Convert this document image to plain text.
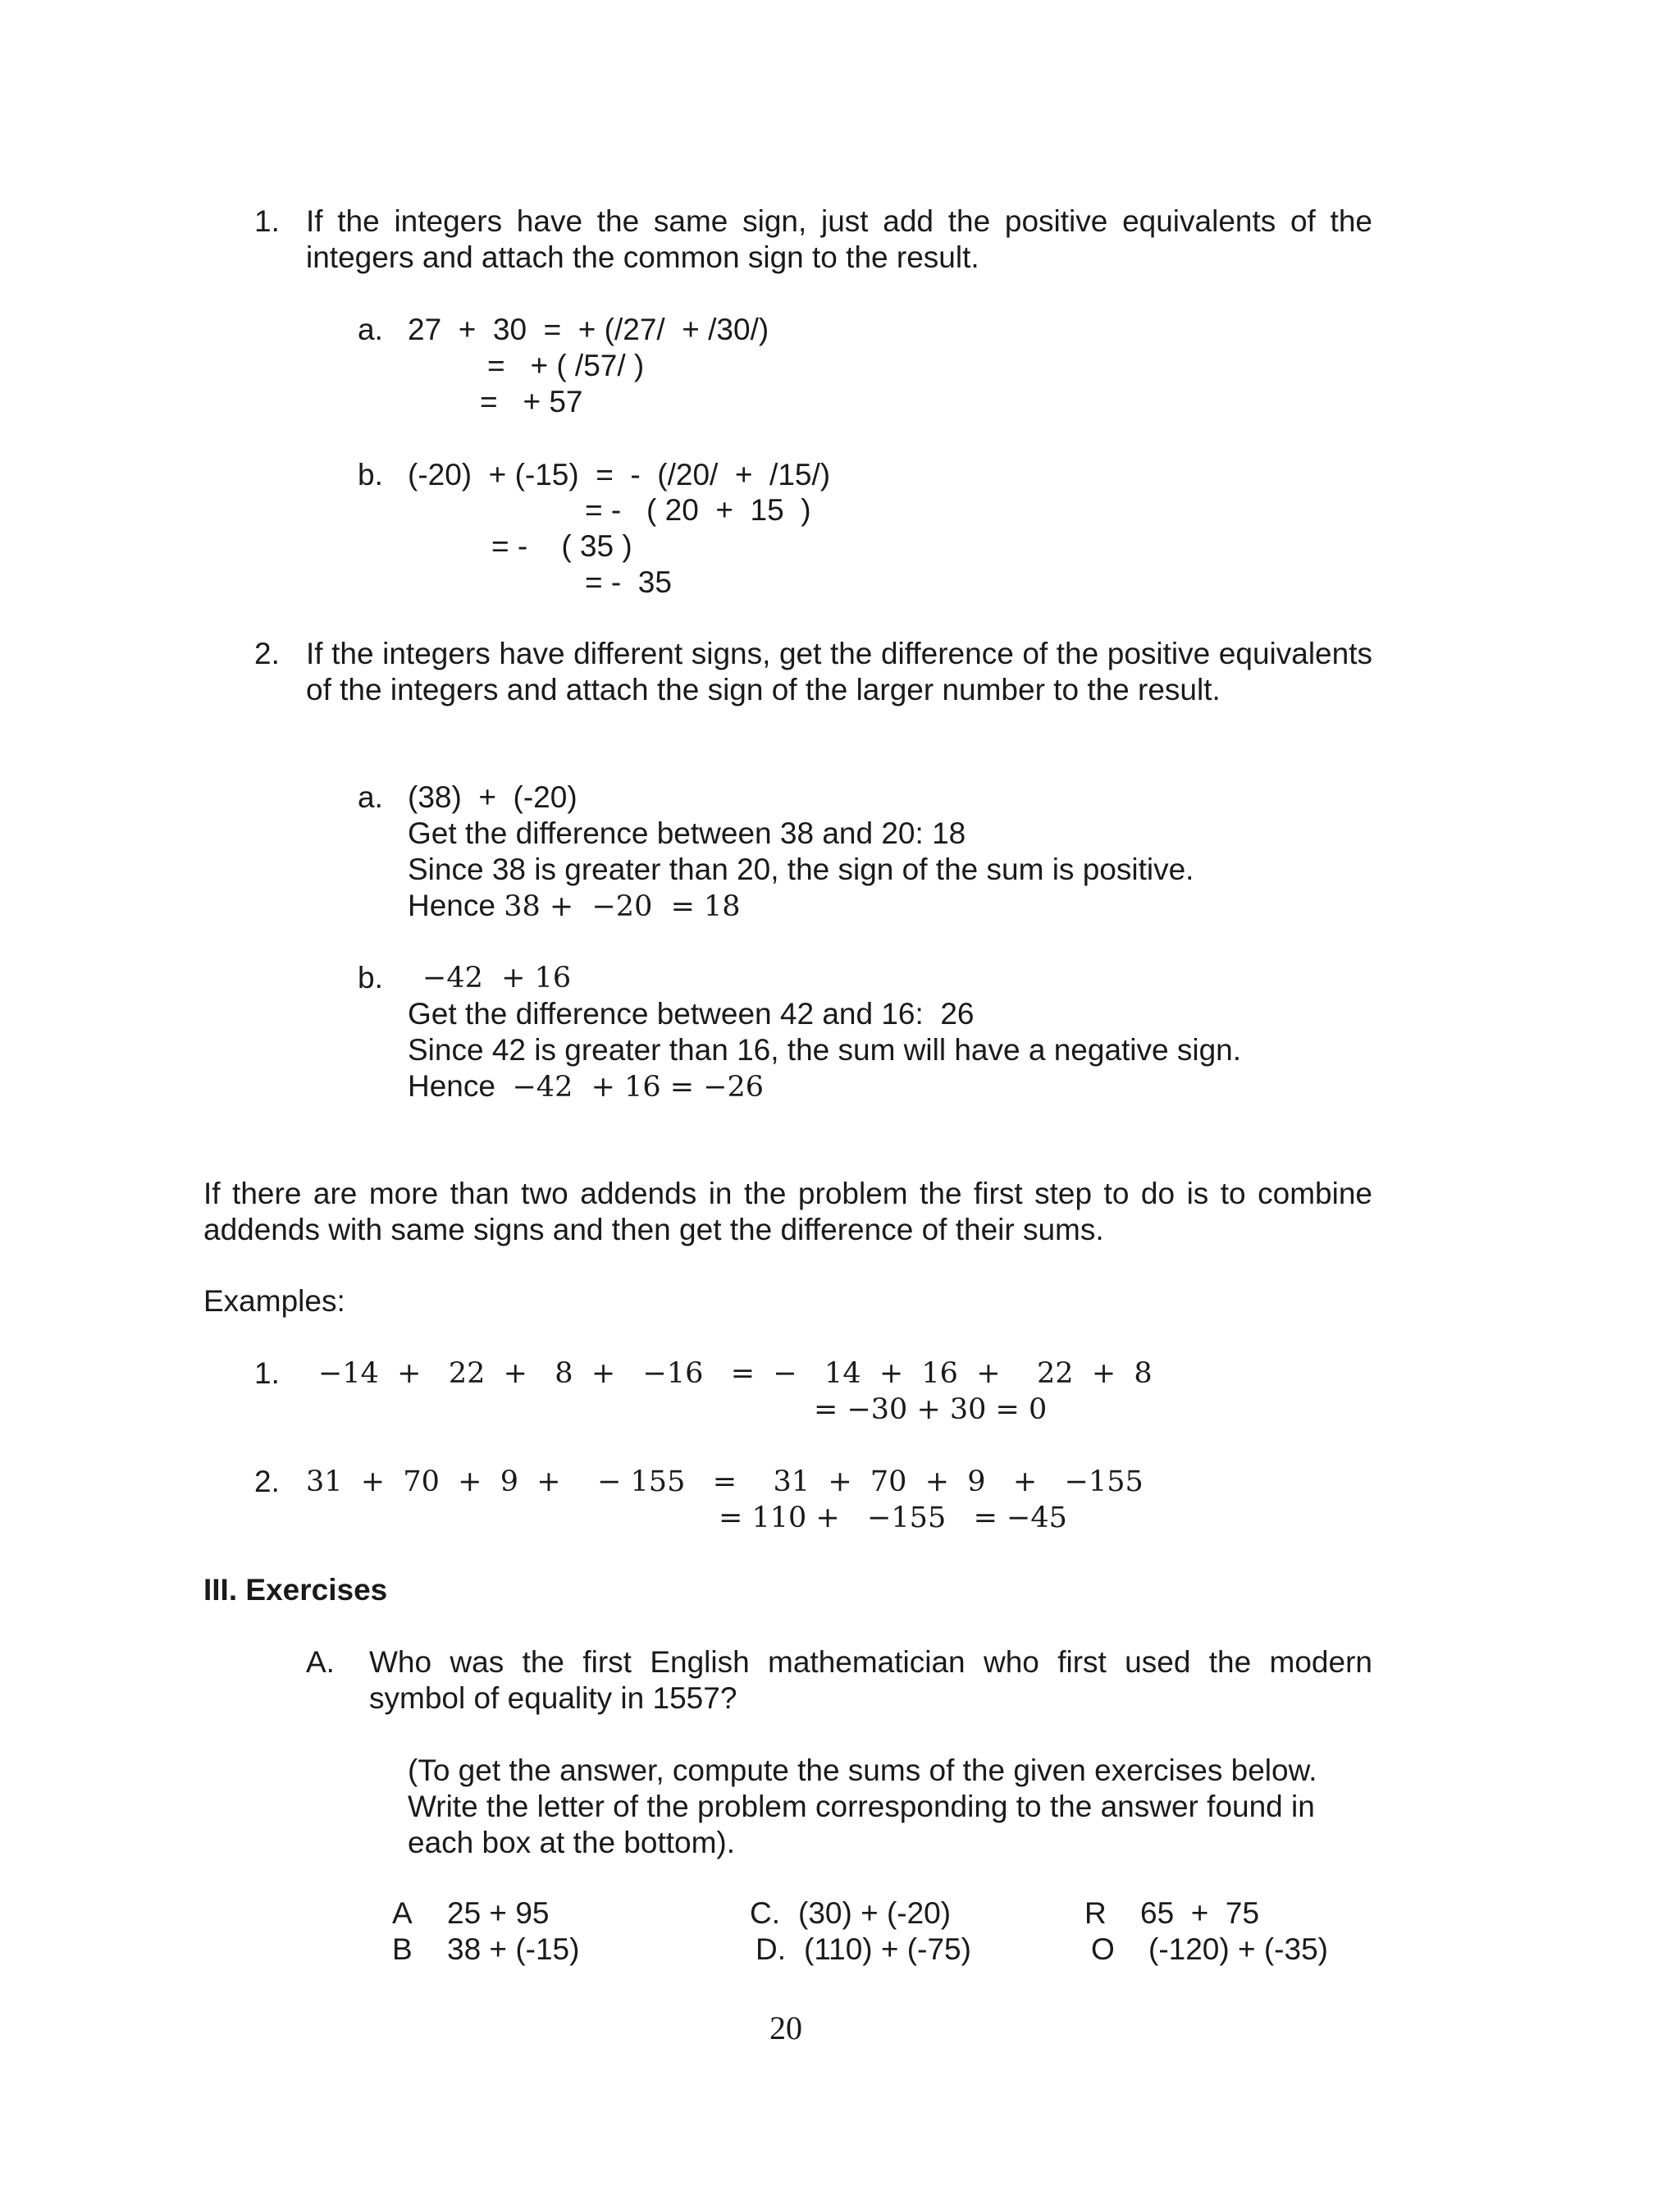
1. If the integers have the same sign, just add the positive equivalents of the integers and attach the common sign to the result.
a. 27  +  30  =  + (/27/  + /30/)
=   + ( /57/ )
=   + 57
b. (-20)  + (-15)  =  -  (/20/  +  /15/)
= -   ( 20  +  15  )
= -    ( 35 )
= -  35
2. If the integers have different signs, get the difference of the positive equivalents of the integers and attach the sign of the larger number to the result.
a. (38)  +  (-20)
Get the difference between 38 and 20: 18
Since 38 is greater than 20, the sign of the sum is positive.
Hence 38 +  −20  = 18
b. −42  + 16
Get the difference between 42 and 16:  26
Since 42 is greater than 16, the sum will have a negative sign.
Hence  −42  + 16 = −26
If there are more than two addends in the problem the first step to do is to combine addends with same signs and then get the difference of their sums.
Examples:
1. −14  +   22  +   8  +   −16   =  −   14  +  16  +    22  +  8
= −30 + 30 = 0
2. 31  +  70  +  9  +    − 155   =    31  +  70  +  9   +   −155
= 110 +   −155   = −45
III. Exercises
A. Who was the first English mathematician who first used the modern symbol of equality in 1557?
(To get the answer, compute the sums of the given exercises below. Write the letter of the problem corresponding to the answer found in each box at the bottom).
A 25 + 95
B 38 + (-15)
C. (30) + (-20)
D. (110) + (-75)
R 65  +  75
O (-120) + (-35)
20
